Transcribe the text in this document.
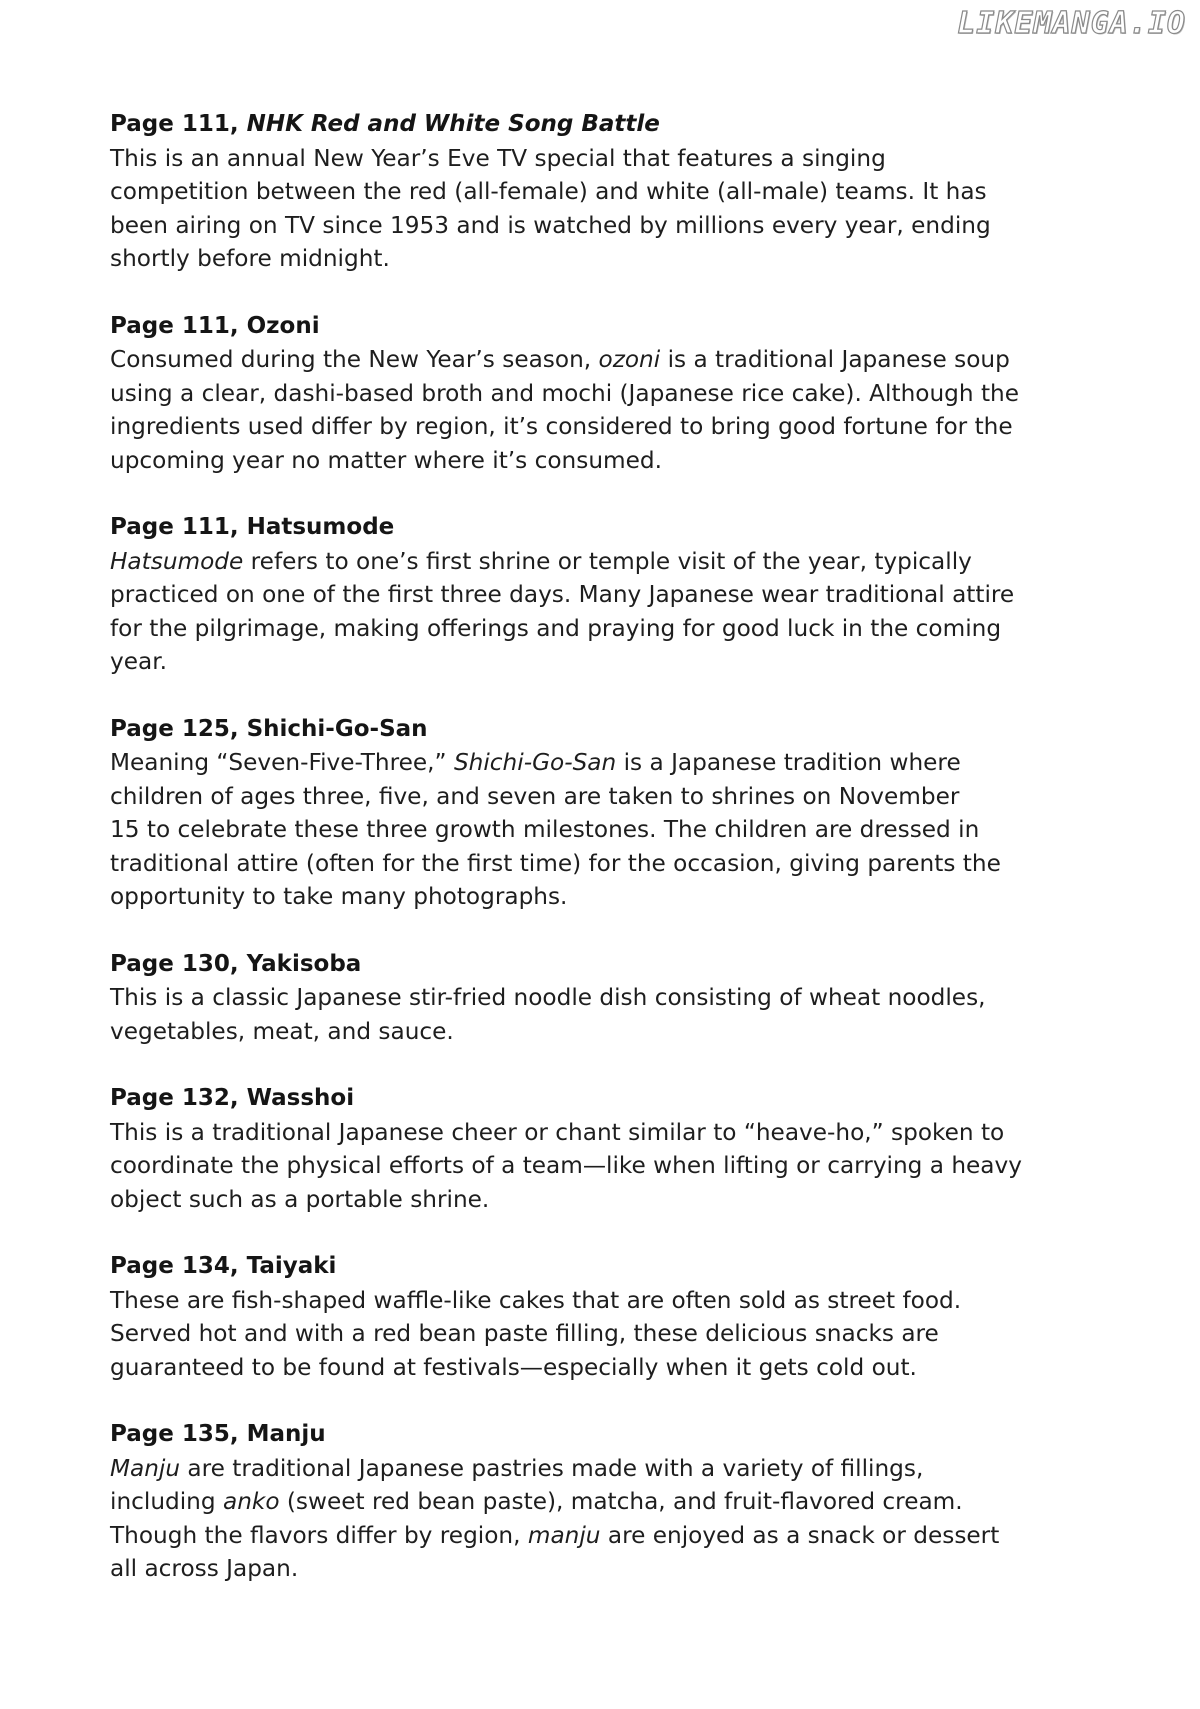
LIKEMANGA.IO

Page 111, NHK Red and White Song Battle

This is an annual New Year’s Eve TV special that features a singing
competition between the red (all-female) and white (all-male) teams. It has
been airing on TV since 1953 and is watched by millions every year, ending
shortly before midnight.

Page 111, Ozoni

Consumed during the New Year’s season, ozoni is a traditional Japanese soup
using a clear, dashi-based broth and mochi (Japanese rice cake). Although the
ingredients used differ by region, it’s considered to bring good fortune for the
upcoming year no matter where it’s consumed.

Page 111, Hatsumode

Hatsumode refers to one’s first shrine or temple visit of the year, typically
practiced on one of the first three days. Many Japanese wear traditional attire
for the pilgrimage, making offerings and praying for good luck in the coming
year.

Page 125, Shichi-Go-San

Meaning “Seven-Five-Three,” Shichi-Go-San is a Japanese tradition where
children of ages three, five, and seven are taken to shrines on November
15 to celebrate these three growth milestones. The children are dressed in
traditional attire (often for the first time) for the occasion, giving parents the
opportunity to take many photographs.

Page 130, Yakisoba

This is a classic Japanese stir-fried noodle dish consisting of wheat noodles,
vegetables, meat, and sauce.

Page 132, Wasshoi

This is a traditional Japanese cheer or chant similar to “heave-ho,” spoken to
coordinate the physical efforts of a team—like when lifting or carrying a heavy
object such as a portable shrine.

Page 134, Taiyaki

These are fish-shaped waffle-like cakes that are often sold as street food.
Served hot and with a red bean paste filling, these delicious snacks are
guaranteed to be found at festivals—especially when it gets cold out.

Page 135, Manju

Manju are traditional Japanese pastries made with a variety of fillings,
including anko (sweet red bean paste), matcha, and fruit-flavored cream.
Though the flavors differ by region, manju are enjoyed as a snack or dessert
all across Japan.
